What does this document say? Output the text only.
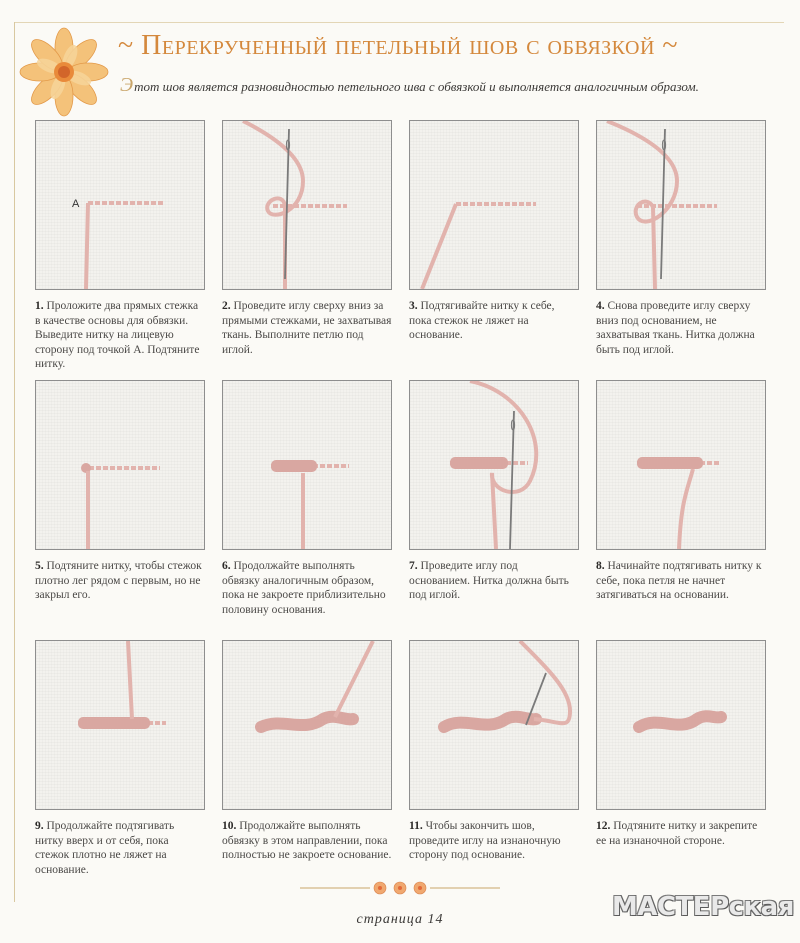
~ Перекрученный петельный шов с обвязкой ~
Этот шов является разновидностью петельного шва с обвязкой и выполняется аналогичным образом.
A
1. Проложите два прямых стежка в качестве основы для обвязки. Выведите нитку на лицевую сторону под точкой А. Подтяните нитку.
2. Проведите иглу сверху вниз за прямыми стежками, не захватывая ткань. Выполните петлю под иглой.
3. Подтягивайте нитку к себе, пока стежок не ляжет на основание.
4. Снова проведите иглу сверху вниз под основанием, не захватывая ткань. Нитка должна быть под иглой.
5. Подтяните нитку, чтобы стежок плотно лег рядом с первым, но не закрыл его.
6. Продолжайте выполнять обвязку аналогичным образом, пока не закроете приблизительно половину основания.
7. Проведите иглу под основанием. Нитка должна быть под иглой.
8. Начинайте подтягивать нитку к себе, пока петля не начнет затягиваться на основании.
9. Продолжайте подтягивать нитку вверх и от себя, пока стежок плотно не ляжет на основание.
10. Продолжайте выполнять обвязку в этом направлении, пока полностью не закроете основание.
11. Чтобы закончить шов, проведите иглу на изнаночную сторону под основание.
12. Подтяните нитку и закрепите ее на изнаночной стороне.
страница 14	МАСТЕРская
